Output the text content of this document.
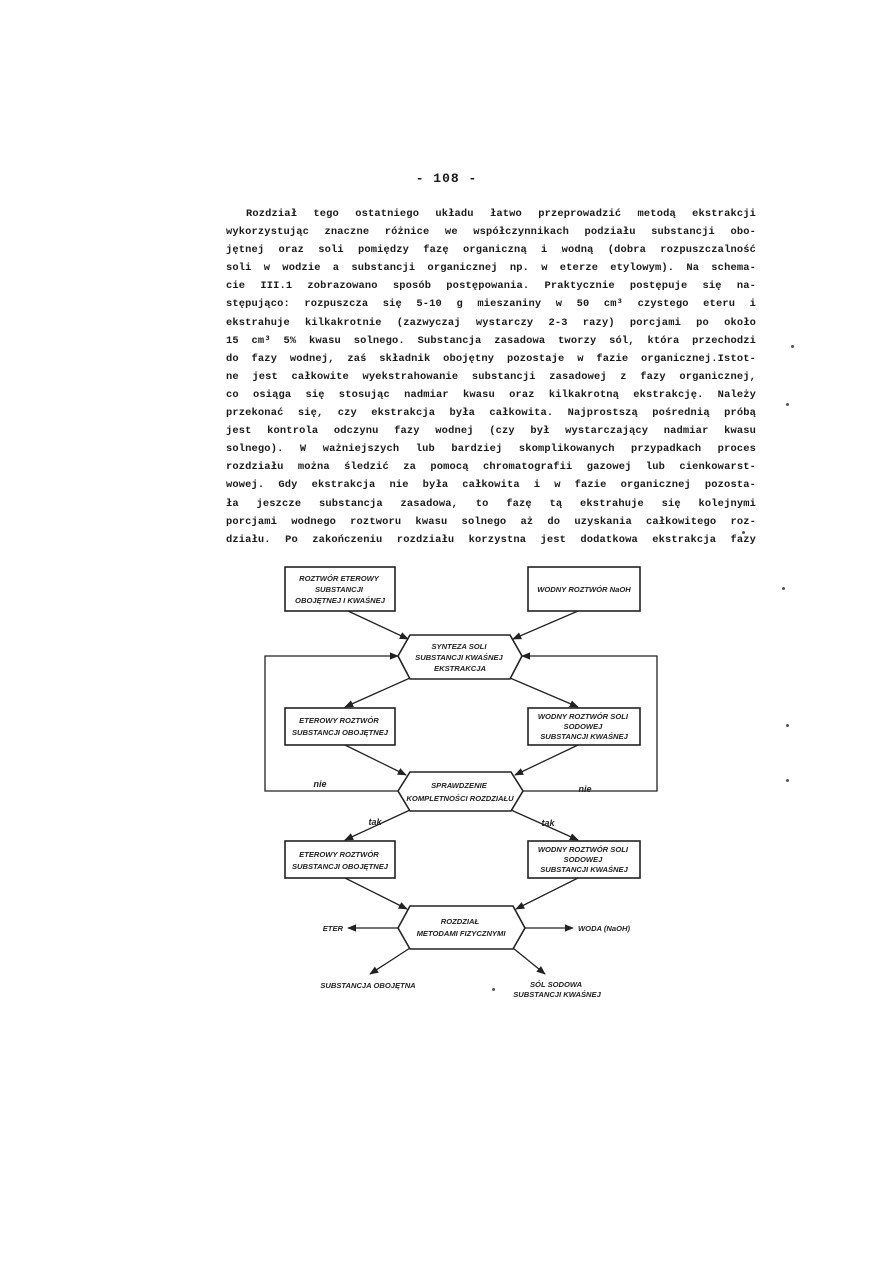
- 108 -
Rozdział tego ostatniego układu łatwo przeprowadzić metodą ekstrakcji
wykorzystując znaczne różnice we współczynnikach podziału substancji obo-
jętnej oraz soli pomiędzy fazę organiczną i wodną (dobra rozpuszczalność
soli w wodzie a substancji organicznej np. w eterze etylowym). Na schema-
cie III.1 zobrazowano sposób postępowania. Praktycznie postępuje się na-
stępująco: rozpuszcza się 5-10 g mieszaniny w 50 cm³ czystego eteru i
ekstrahuje kilkakrotnie (zazwyczaj wystarczy 2-3 razy) porcjami po około
15 cm³ 5% kwasu solnego. Substancja zasadowa tworzy sól, która przechodzi
do fazy wodnej, zaś składnik obojętny pozostaje w fazie organicznej.Istot-
ne jest całkowite wyekstrahowanie substancji zasadowej z fazy organicznej,
co osiąga się stosując nadmiar kwasu oraz kilkakrotną ekstrakcję. Należy
przekonać się, czy ekstrakcja była całkowita. Najprostszą pośrednią próbą
jest kontrola odczynu fazy wodnej (czy był wystarczający nadmiar kwasu
solnego). W ważniejszych lub bardziej skomplikowanych przypadkach proces
rozdziału można śledzić za pomocą chromatografii gazowej lub cienkowarst-
wowej. Gdy ekstrakcja nie była całkowita i w fazie organicznej pozosta-
ła jeszcze substancja zasadowa, to fazę tą ekstrahuje się kolejnymi
porcjami wodnego roztworu kwasu solnego aż do uzyskania całkowitego roz-
działu. Po zakończeniu rozdziału korzystna jest dodatkowa ekstrakcja fazy
ROZTWÓR ETEROWY SUBSTANCJI OBOJĘTNEJ I KWAŚNEJ
WODNY ROZTWÓR NaOH
SYNTEZA SOLI SUBSTANCJI KWAŚNEJ EKSTRAKCJA
ETEROWY ROZTWÓR SUBSTANCJI OBOJĘTNEJ
WODNY ROZTWÓR SOLI SODOWEJ SUBSTANCJI KWAŚNEJ
SPRAWDZENIE KOMPLETNOŚCI ROZDZIAŁU
ETEROWY ROZTWÓR SUBSTANCJI OBOJĘTNEJ
WODNY ROZTWÓR SOLI SODOWEJ SUBSTANCJI KWAŚNEJ
ROZDZIAŁ METODAMI FIZYCZNYMI
nie	nie
tak	tak
ETER	WODA (NaOH)
SUBSTANCJA OBOJĘTNA	SÓL SODOWA SUBSTANCJI KWAŚNEJ
